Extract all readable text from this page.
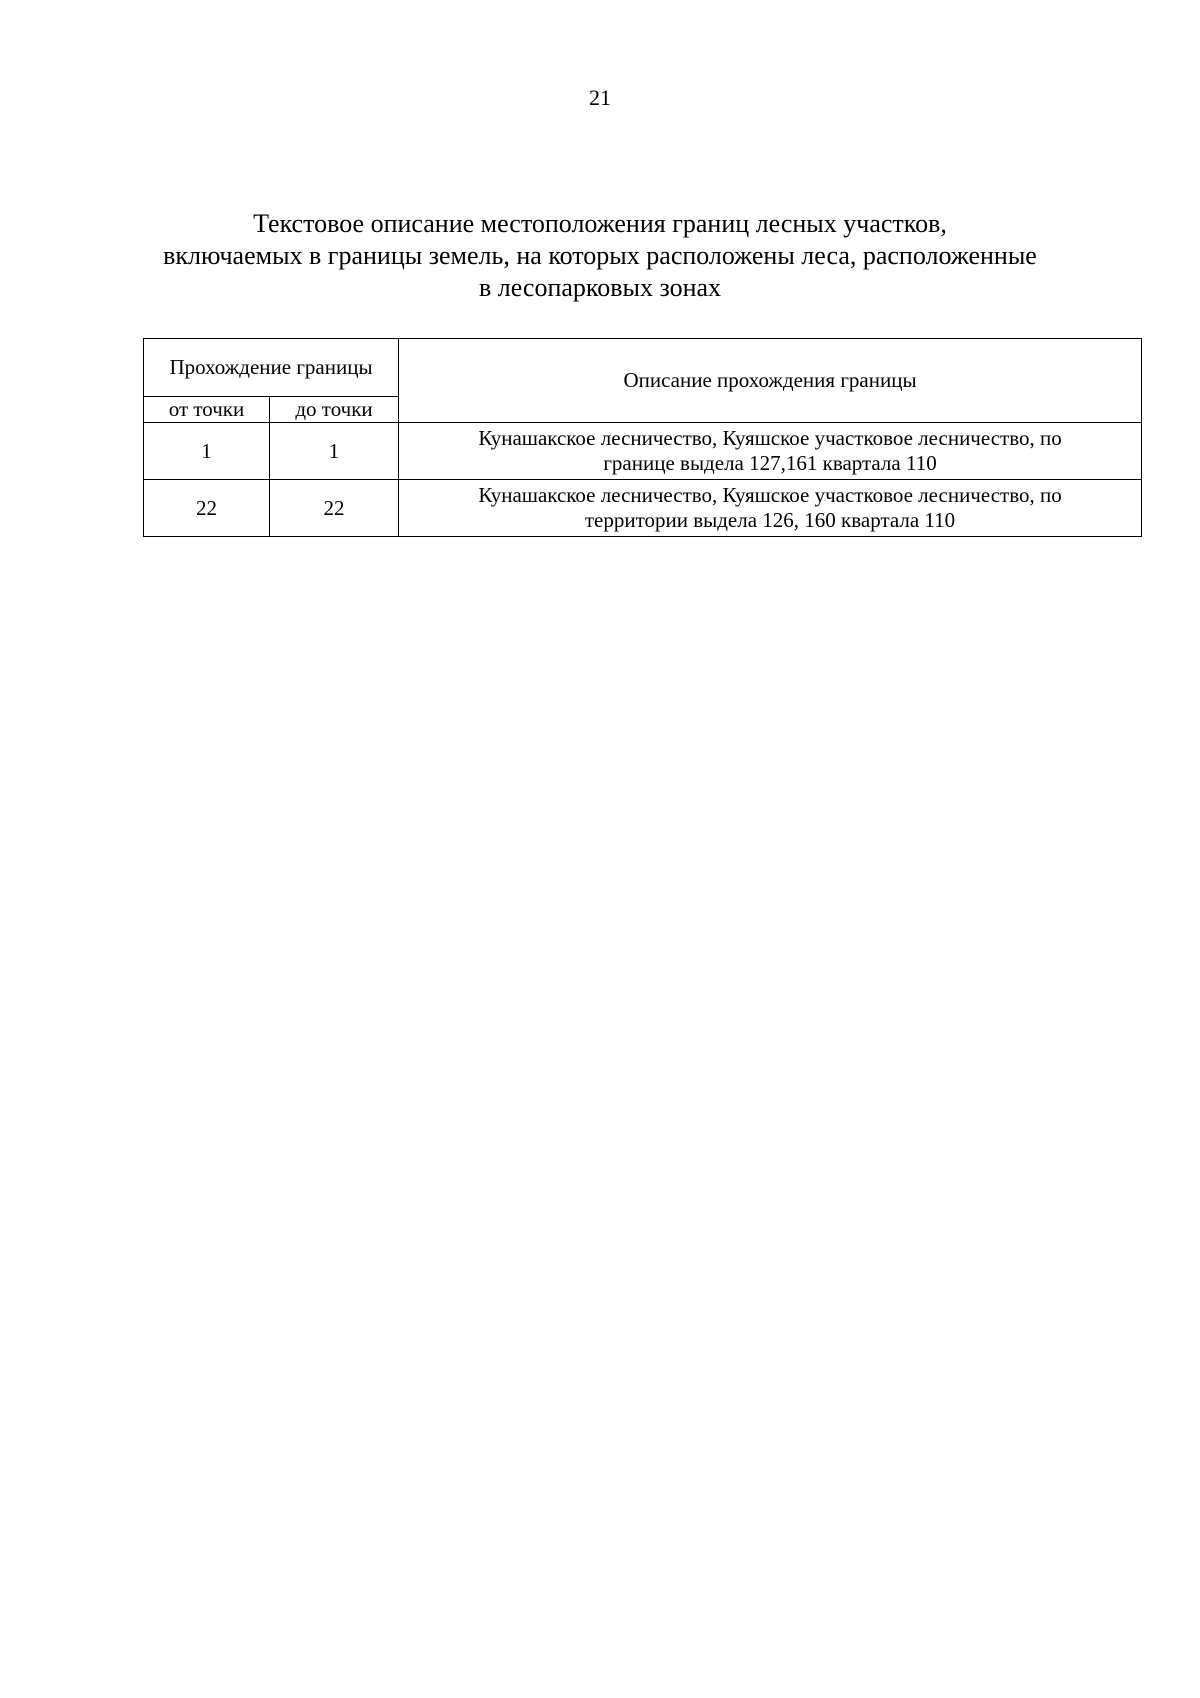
21
Текстовое описание местоположения границ лесных участков,
включаемых в границы земель, на которых расположены леса, расположенные
в лесопарковых зонах
Прохождение границы		Описание прохождения границы
от точки	до точки	
1	1	Кунашакское лесничество, Куяшское участковое лесничество, по
границе выдела 127,161 квартала 110

22	22	Кунашакское лесничество, Куяшское участковое лесничество, по
территории выдела 126, 160 квартала 110
